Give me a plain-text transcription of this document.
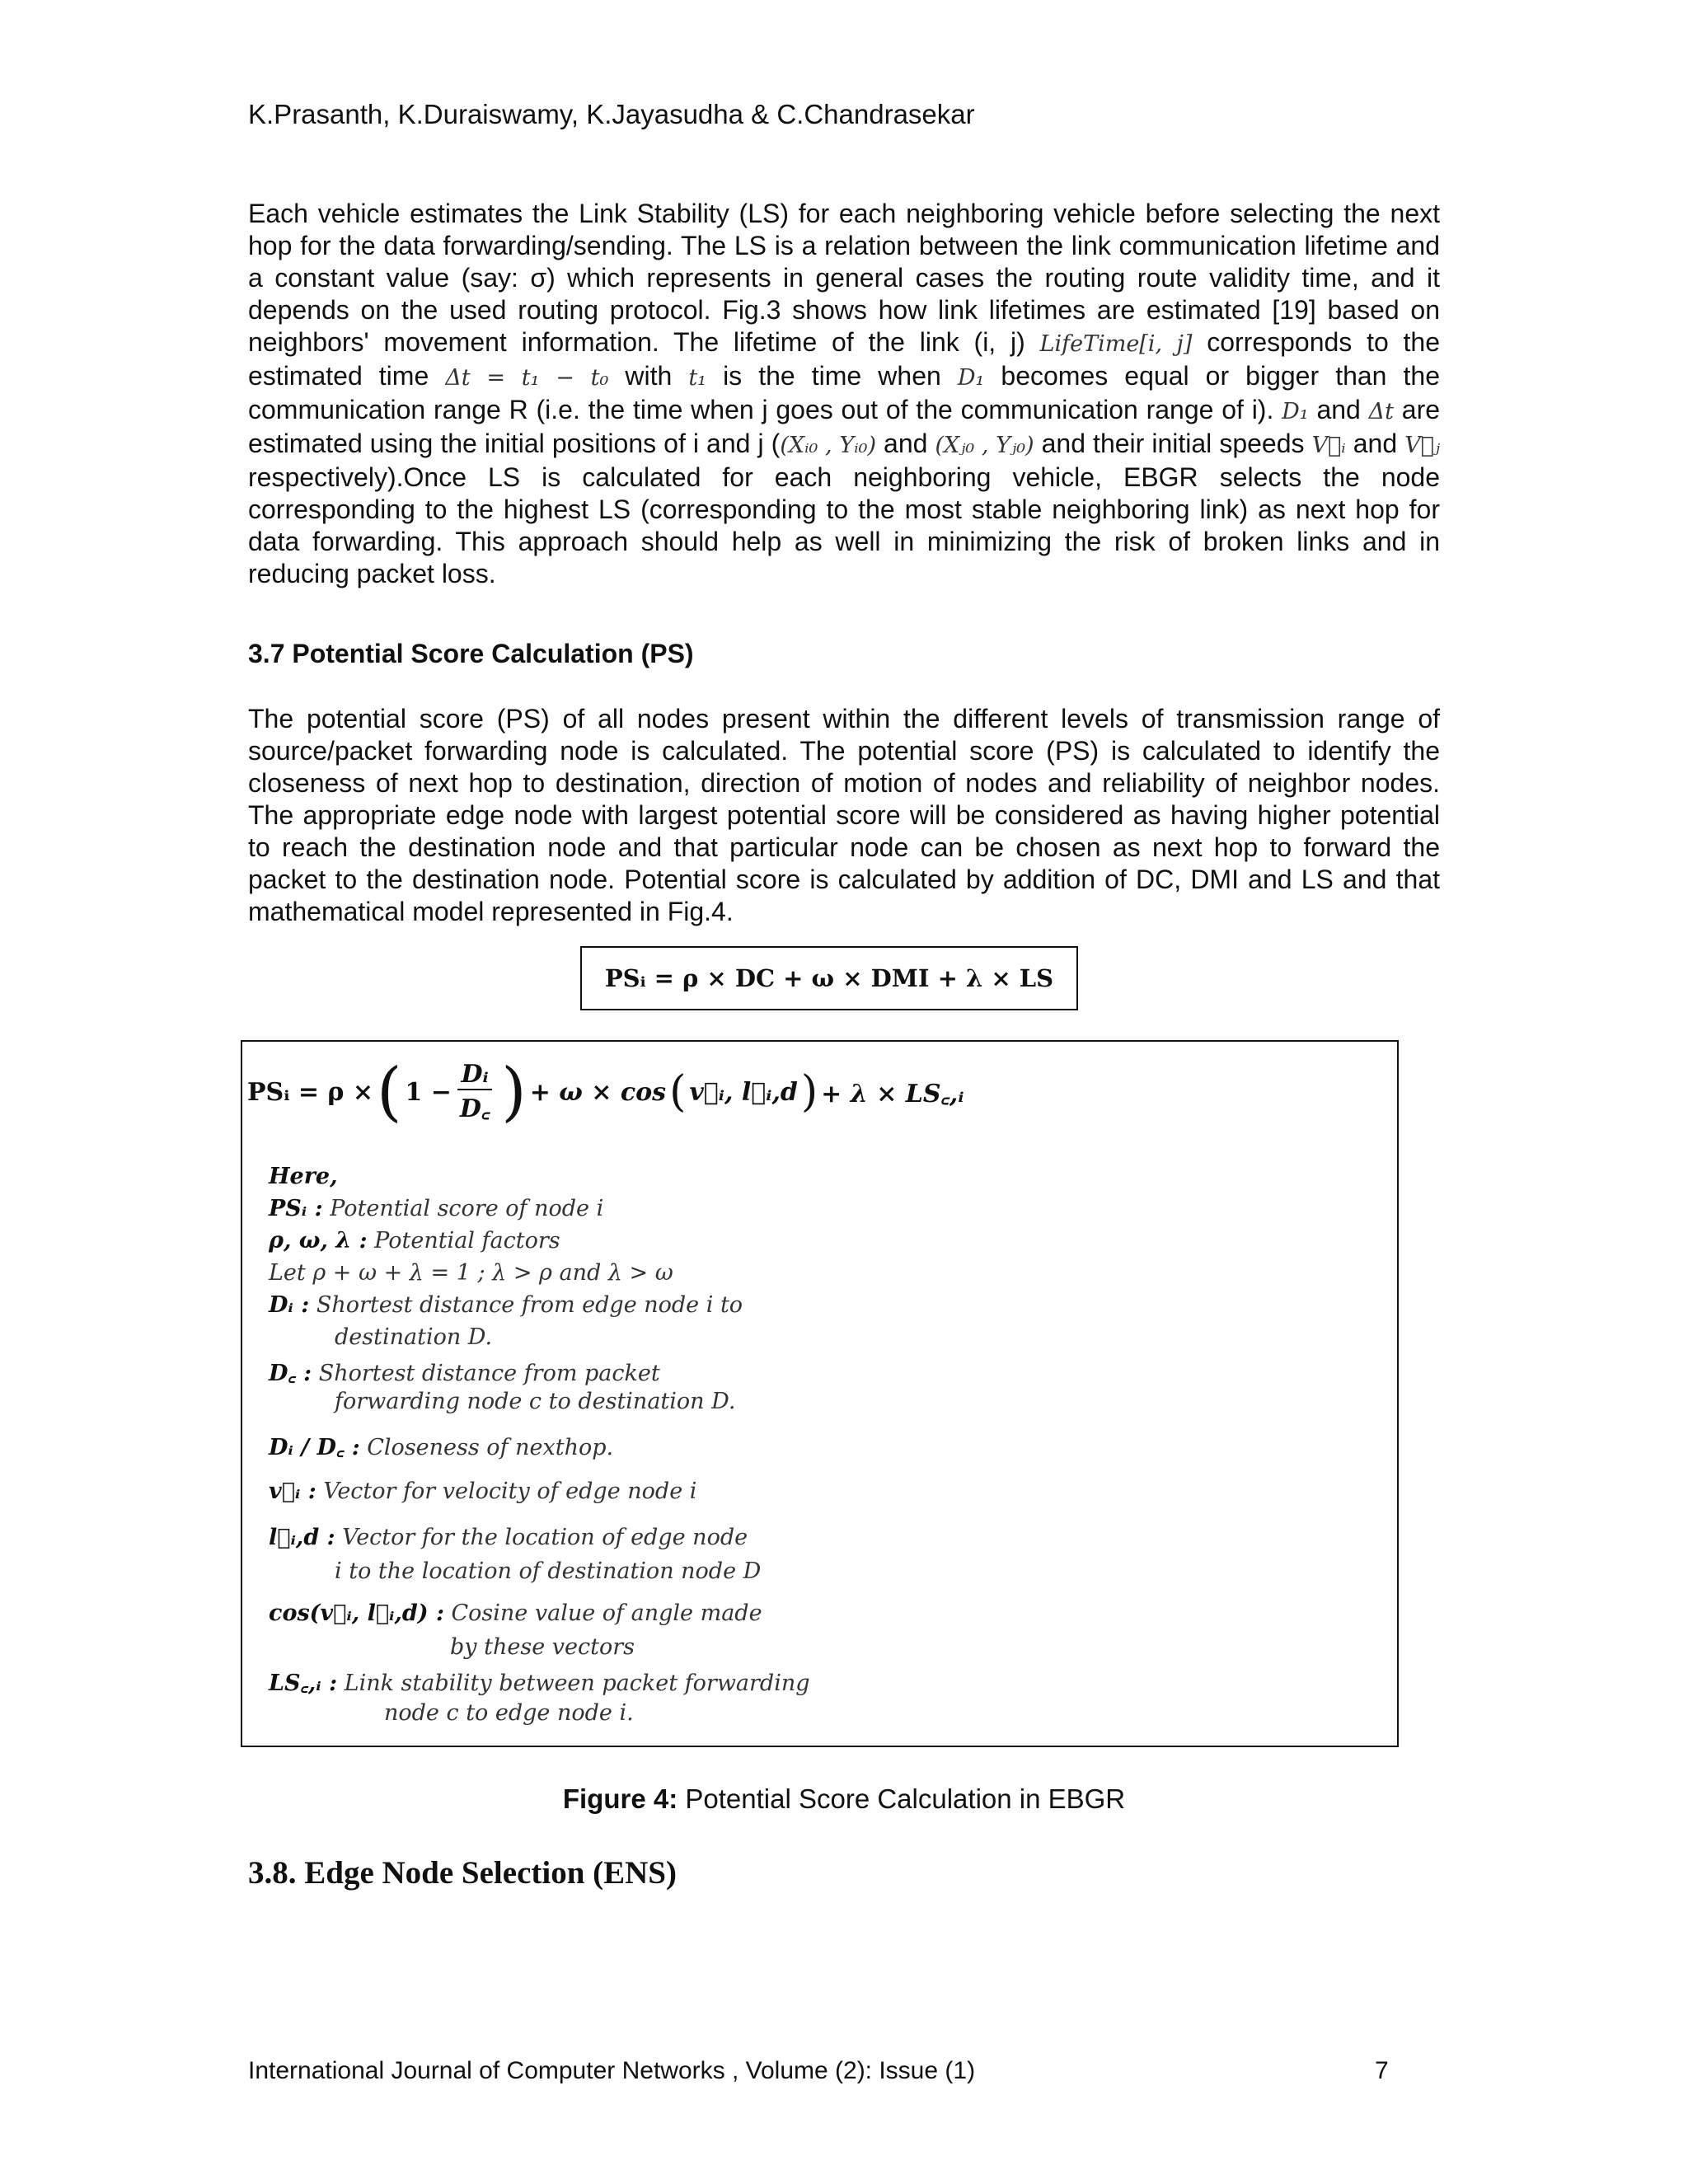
K.Prasanth, K.Duraiswamy, K.Jayasudha & C.Chandrasekar

Each vehicle estimates the Link Stability (LS) for each neighboring vehicle before selecting the next hop for the data forwarding/sending. The LS is a relation between the link communication lifetime and a constant value (say: σ) which represents in general cases the routing route validity time, and it depends on the used routing protocol. Fig.3 shows how link lifetimes are estimated [19] based on neighbors' movement information. The lifetime of the link (i, j) LifeTime[i, j] corresponds to the estimated time Δt = t₁ − t₀ with t₁ is the time when D₁ becomes equal or bigger than the communication range R (i.e. the time when j goes out of the communication range of i). D₁ and Δt are estimated using the initial positions of i and j ((Xᵢ₀ , Yᵢ₀) and (Xⱼ₀ , Yⱼ₀) and their initial speeds V⃗ᵢ and V⃗ⱼ respectively).Once LS is calculated for each neighboring vehicle, EBGR selects the node corresponding to the highest LS (corresponding to the most stable neighboring link) as next hop for data forwarding. This approach should help as well in minimizing the risk of broken links and in reducing packet loss.

3.7 Potential Score Calculation (PS)

The potential score (PS) of all nodes present within the different levels of transmission range of source/packet forwarding node is calculated. The potential score (PS) is calculated to identify the closeness of next hop to destination, direction of motion of nodes and reliability of neighbor nodes. The appropriate edge node with largest potential score will be considered as having higher potential to reach the destination node and that particular node can be chosen as next hop to forward the packet to the destination node. Potential score is calculated by addition of DC, DMI and LS and that mathematical model represented in Fig.4.

PSᵢ = ρ × DC + ω × DMI + λ × LS
PSᵢ = ρ × ( $1 - \frac{\text{Dᵢ}}{D꜀}$ ) + ω × cos ( v⃗ᵢ, l⃗ᵢ,d ) + λ × LS꜀,ᵢ
Here,
PSᵢ : Potential score of node i
ρ, ω, λ : Potential factors
Let ρ + ω + λ = 1 ; λ > ρ and λ > ω
Dᵢ : Shortest distance from edge node i to
destination D.
D꜀ : Shortest distance from packet
forwarding node c to destination D.
Dᵢ / D꜀ : Closeness of nexthop.
v⃗ᵢ : Vector for velocity of edge node i
l⃗ᵢ,d : Vector for the location of edge node
i to the location of destination node D
cos(v⃗ᵢ, l⃗ᵢ,d) : Cosine value of angle made
by these vectors
LS꜀,ᵢ : Link stability between packet forwarding
node c to edge node i.
Figure 4: Potential Score Calculation in EBGR
3.8. Edge Node Selection (ENS)
International Journal of Computer Networks , Volume (2): Issue (1)	7
